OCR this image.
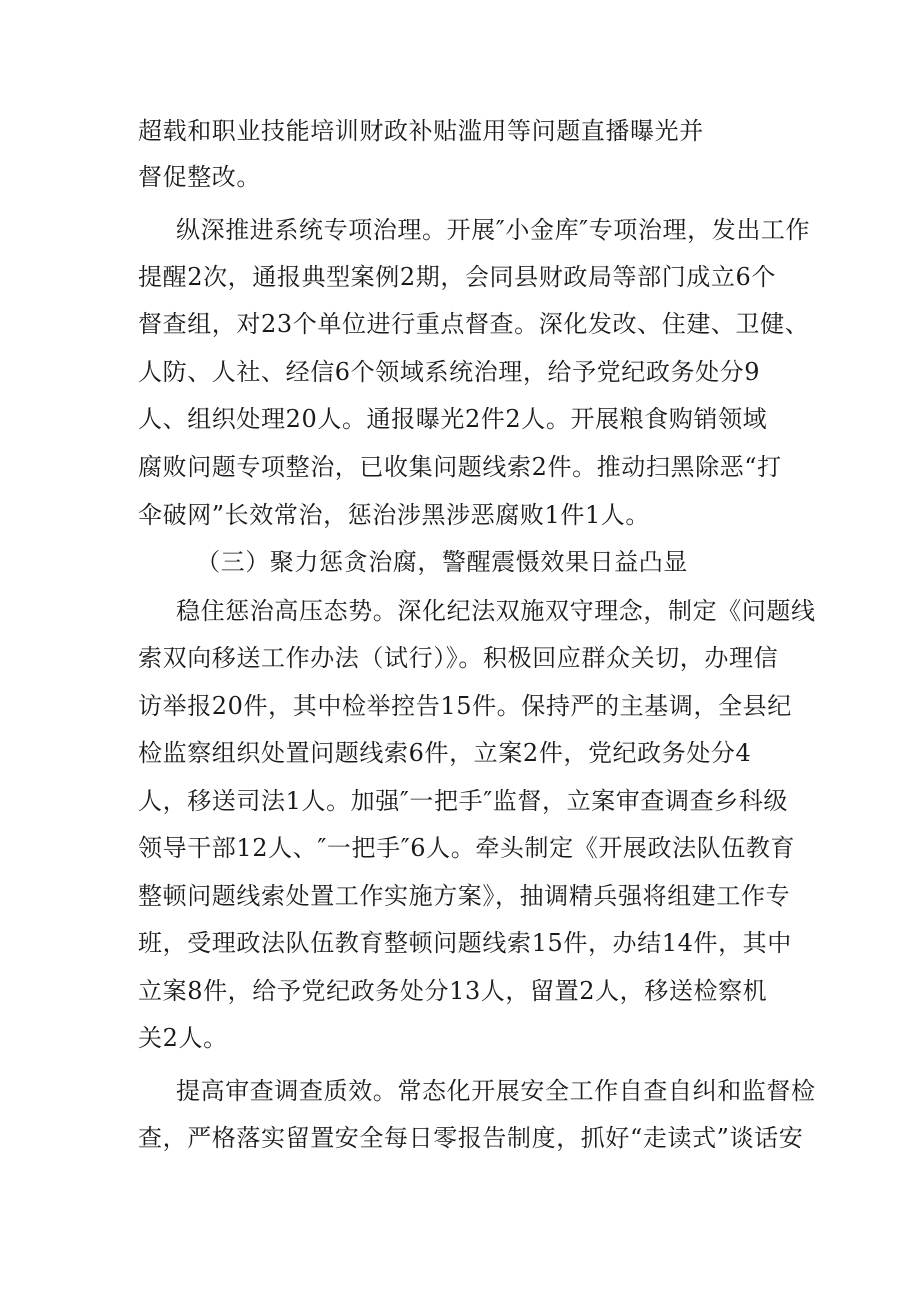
超载和职业技能培训财政补贴滥用等问题直播曝光并
督促整改。
纵深推进系统专项治理。开展″小金库″专项治理，发出工作
提醒2次，通报典型案例2期，会同县财政局等部门成立6个
督查组，对23个单位进行重点督查。深化发改、住建、卫健、
人防、人社、经信6个领域系统治理，给予党纪政务处分9
人、组织处理20人。通报曝光2件2人。开展粮食购销领域
腐败问题专项整治，已收集问题线索2件。推动扫黑除恶“打
伞破网”长效常治，惩治涉黑涉恶腐败1件1人。
（三）聚力惩贪治腐，警醒震慑效果日益凸显
稳住惩治高压态势。深化纪法双施双守理念，制定《问题线
索双向移送工作办法（试行）》。积极回应群众关切，办理信
访举报20件，其中检举控告15件。保持严的主基调，全县纪
检监察组织处置问题线索6件，立案2件，党纪政务处分4
人，移送司法1人。加强″一把手″监督，立案审查调查乡科级
领导干部12人、″一把手″6人。牵头制定《开展政法队伍教育
整顿问题线索处置工作实施方案》，抽调精兵强将组建工作专
班，受理政法队伍教育整顿问题线索15件，办结14件，其中
立案8件，给予党纪政务处分13人，留置2人，移送检察机
关2人。
提高审查调查质效。常态化开展安全工作自查自纠和监督检
查，严格落实留置安全每日零报告制度，抓好“走读式”谈话安
